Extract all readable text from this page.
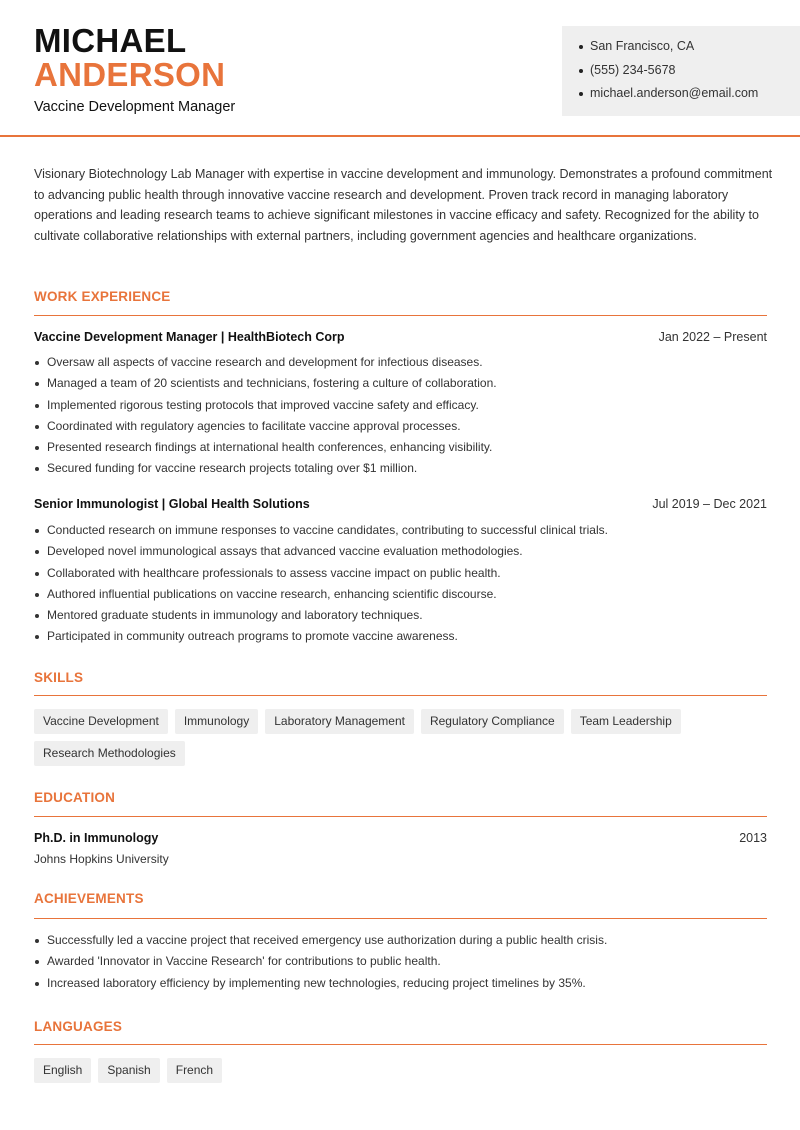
MICHAEL
ANDERSON
Vaccine Development Manager
San Francisco, CA
(555) 234-5678
michael.anderson@email.com

Visionary Biotechnology Lab Manager with expertise in vaccine development and immunology. Demonstrates a profound commitment to advancing public health through innovative vaccine research and development. Proven track record in managing laboratory operations and leading research teams to achieve significant milestones in vaccine efficacy and safety. Recognized for the ability to cultivate collaborative relationships with external partners, including government agencies and healthcare organizations.

WORK EXPERIENCE
Vaccine Development Manager | HealthBiotech Corp	Jan 2022 – Present
Oversaw all aspects of vaccine research and development for infectious diseases.
Managed a team of 20 scientists and technicians, fostering a culture of collaboration.
Implemented rigorous testing protocols that improved vaccine safety and efficacy.
Coordinated with regulatory agencies to facilitate vaccine approval processes.
Presented research findings at international health conferences, enhancing visibility.
Secured funding for vaccine research projects totaling over $1 million.
Senior Immunologist | Global Health Solutions	Jul 2019 – Dec 2021
Conducted research on immune responses to vaccine candidates, contributing to successful clinical trials.
Developed novel immunological assays that advanced vaccine evaluation methodologies.
Collaborated with healthcare professionals to assess vaccine impact on public health.
Authored influential publications on vaccine research, enhancing scientific discourse.
Mentored graduate students in immunology and laboratory techniques.
Participated in community outreach programs to promote vaccine awareness.
SKILLS
Vaccine Development	Immunology	Laboratory Management	Regulatory Compliance	Team Leadership
Research Methodologies
EDUCATION
Ph.D. in Immunology	2013
Johns Hopkins University
ACHIEVEMENTS
Successfully led a vaccine project that received emergency use authorization during a public health crisis.
Awarded 'Innovator in Vaccine Research' for contributions to public health.
Increased laboratory efficiency by implementing new technologies, reducing project timelines by 35%.
LANGUAGES
English	Spanish	French
